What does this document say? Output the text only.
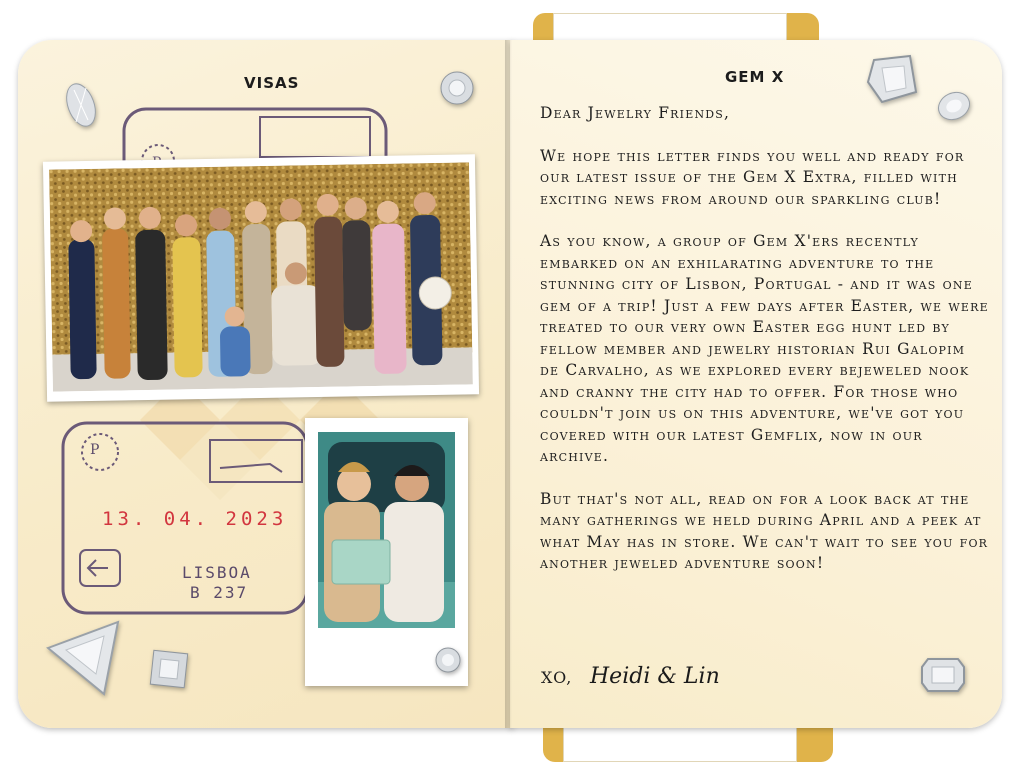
VISAS
P
13. 04. 2023
LISBOA
B 237
GEM X

Dear Jewelry Friends,

We hope this letter finds you well and ready for our latest issue of the Gem X Extra, filled with exciting news from around our sparkling club!

As you know, a group of Gem X'ers recently embarked on an exhilarating adventure to the stunning city of Lisbon, Portugal - and it was one gem of a trip! Just a few days after Easter, we were treated to our very own Easter egg hunt led by fellow member and jewelry historian Rui Galopim de Carvalho, as we explored every bejeweled nook and cranny the city had to offer. For those who couldn't join us on this adventure, we've got you covered with our latest Gemflix, now in our archive.

But that's not all, read on for a look back at the many gatherings we held during April and a peek at what May has in store. We can't wait to see you for another jeweled adventure soon!

XO, Heidi & Lin
